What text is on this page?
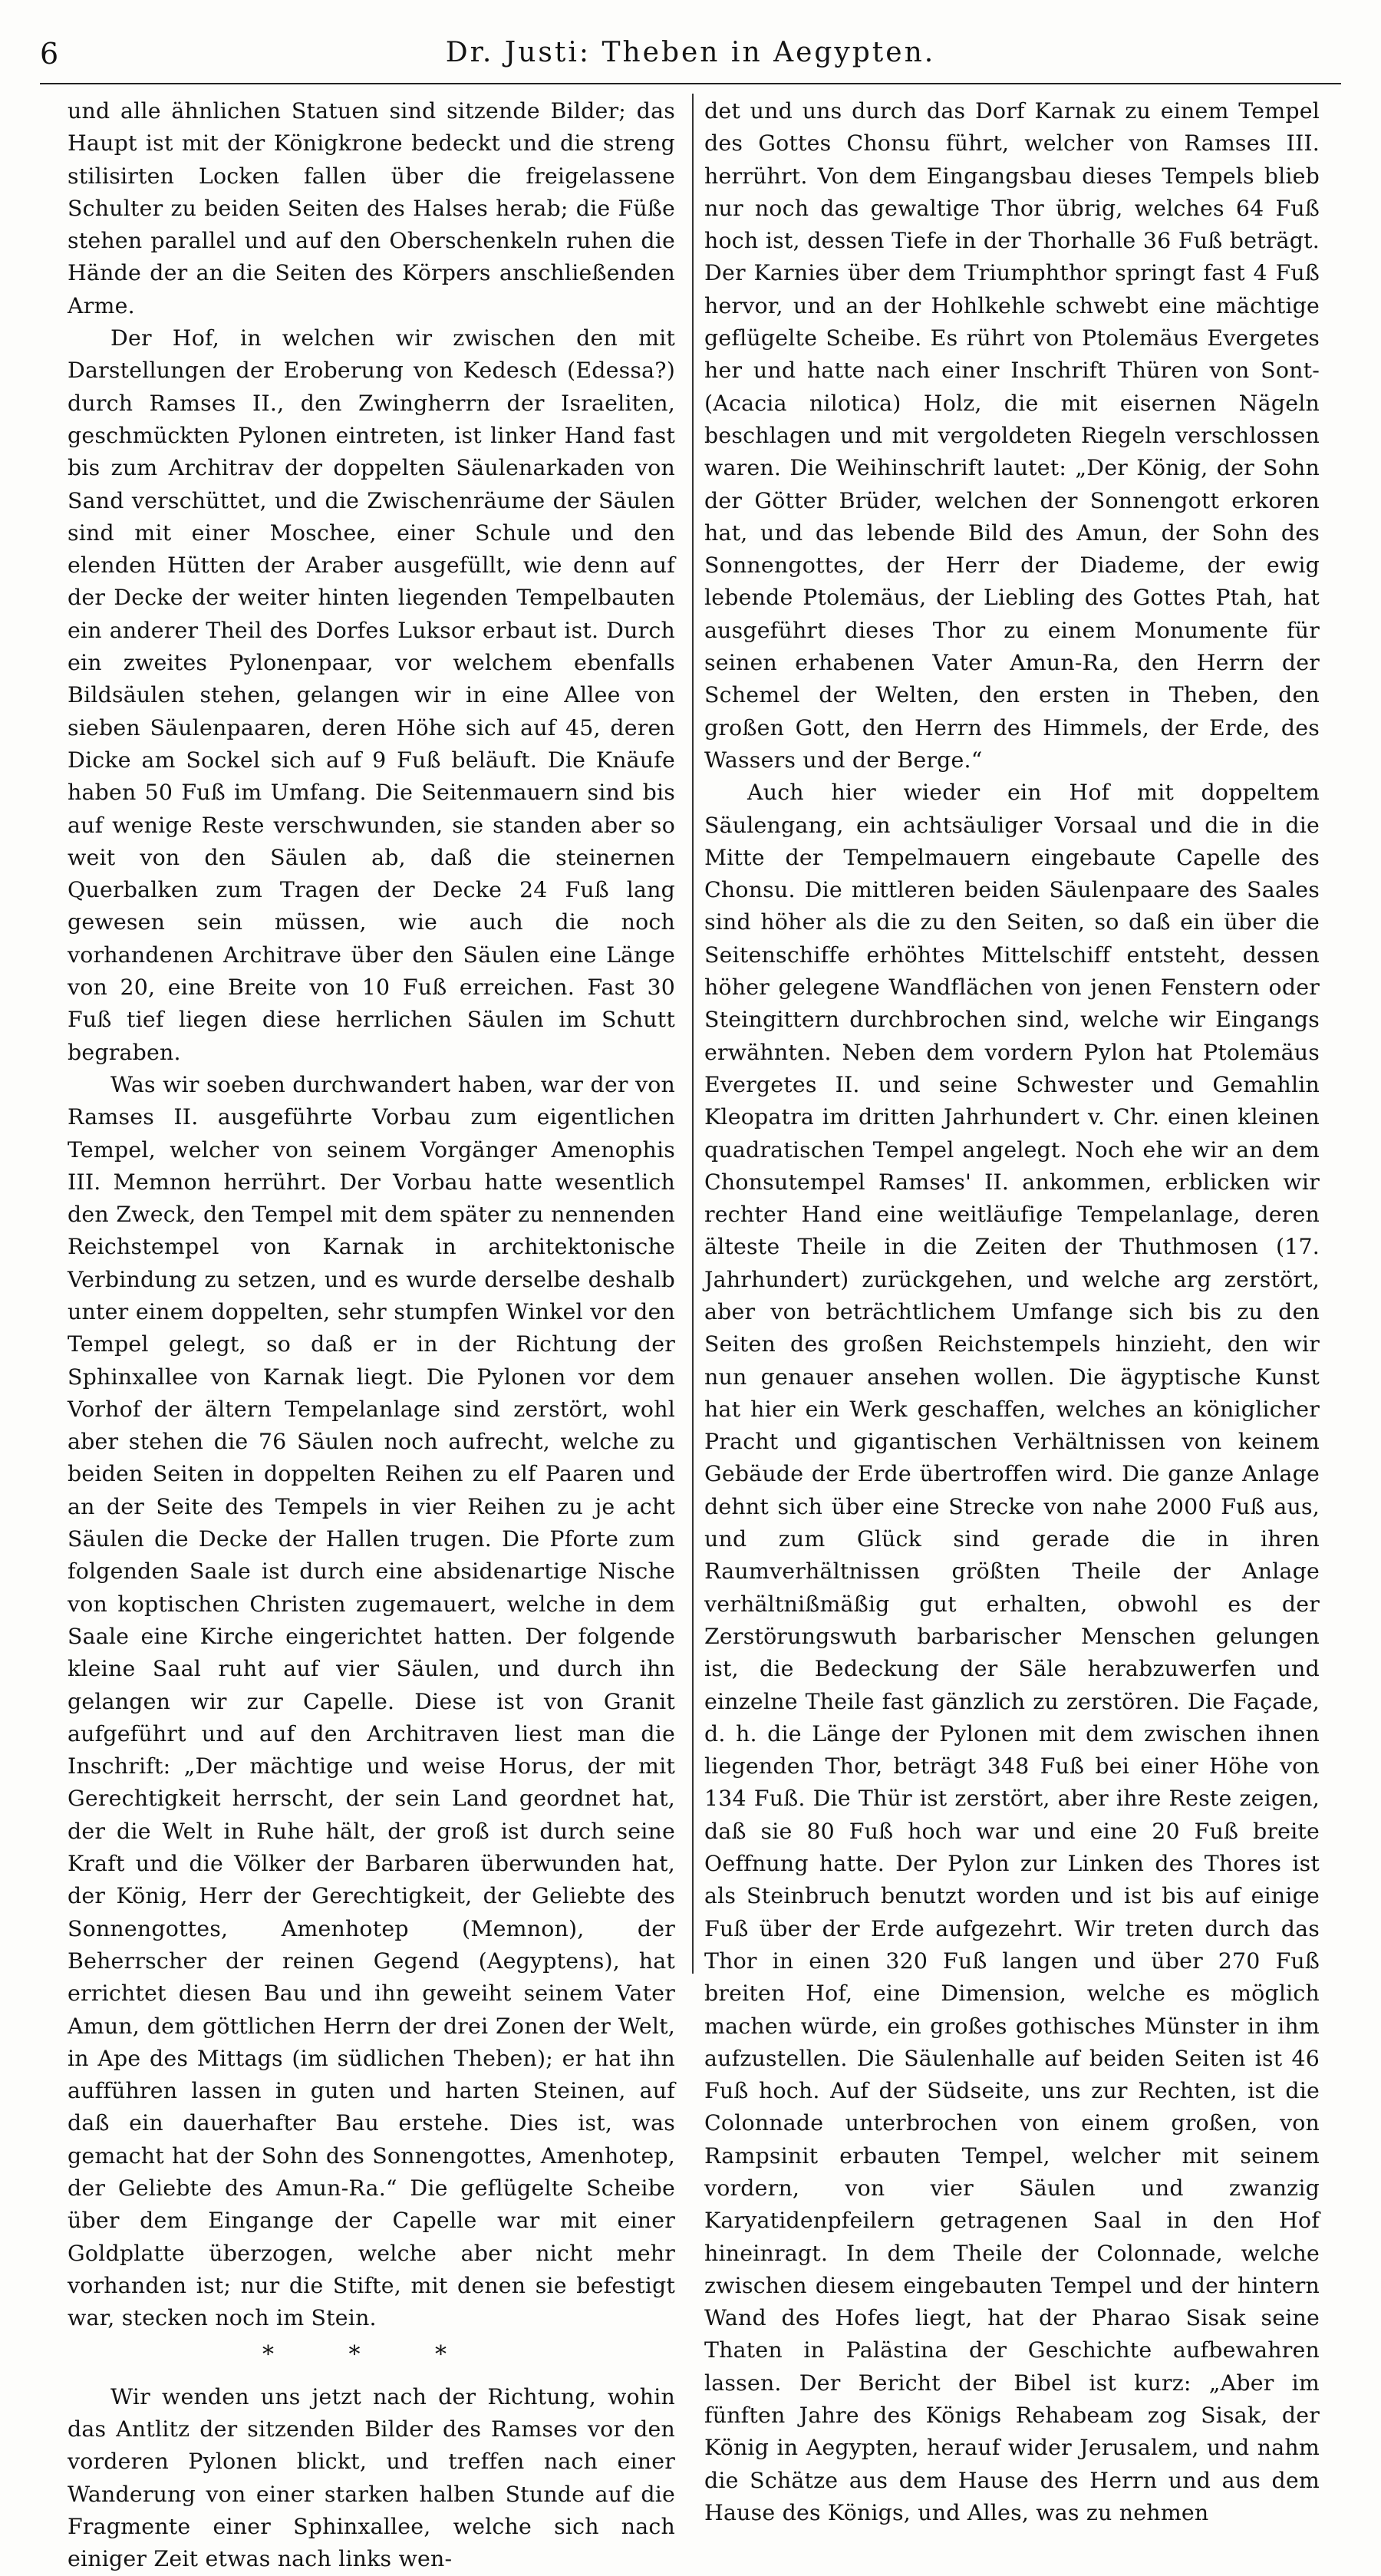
6	Dr. Justi: Theben in Aegypten.

und alle ähnlichen Statuen sind sitzende Bilder; das Haupt ist mit der Königkrone bedeckt und die streng stilisirten Locken fallen über die freigelassene Schulter zu beiden Seiten des Halses herab; die Füße stehen parallel und auf den Oberschenkeln ruhen die Hände der an die Seiten des Körpers anschließenden Arme.

Der Hof, in welchen wir zwischen den mit Darstellungen der Eroberung von Kedesch (Edessa?) durch Ramses II., den Zwingherrn der Israeliten, geschmückten Pylonen eintreten, ist linker Hand fast bis zum Architrav der doppelten Säulenarkaden von Sand verschüttet, und die Zwischenräume der Säulen sind mit einer Moschee, einer Schule und den elenden Hütten der Araber ausgefüllt, wie denn auf der Decke der weiter hinten liegenden Tempelbauten ein anderer Theil des Dorfes Luksor erbaut ist. Durch ein zweites Pylonenpaar, vor welchem ebenfalls Bildsäulen stehen, gelangen wir in eine Allee von sieben Säulenpaaren, deren Höhe sich auf 45, deren Dicke am Sockel sich auf 9 Fuß beläuft. Die Knäufe haben 50 Fuß im Umfang. Die Seitenmauern sind bis auf wenige Reste verschwunden, sie standen aber so weit von den Säulen ab, daß die steinernen Querbalken zum Tragen der Decke 24 Fuß lang gewesen sein müssen, wie auch die noch vorhandenen Architrave über den Säulen eine Länge von 20, eine Breite von 10 Fuß erreichen. Fast 30 Fuß tief liegen diese herrlichen Säulen im Schutt begraben.

Was wir soeben durchwandert haben, war der von Ramses II. ausgeführte Vorbau zum eigentlichen Tempel, welcher von seinem Vorgänger Amenophis III. Memnon herrührt. Der Vorbau hatte wesentlich den Zweck, den Tempel mit dem später zu nennenden Reichstempel von Karnak in architektonische Verbindung zu setzen, und es wurde derselbe deshalb unter einem doppelten, sehr stumpfen Winkel vor den Tempel gelegt, so daß er in der Richtung der Sphinxallee von Karnak liegt. Die Pylonen vor dem Vorhof der ältern Tempelanlage sind zerstört, wohl aber stehen die 76 Säulen noch aufrecht, welche zu beiden Seiten in doppelten Reihen zu elf Paaren und an der Seite des Tempels in vier Reihen zu je acht Säulen die Decke der Hallen trugen. Die Pforte zum folgenden Saale ist durch eine absidenartige Nische von koptischen Christen zugemauert, welche in dem Saale eine Kirche eingerichtet hatten. Der folgende kleine Saal ruht auf vier Säulen, und durch ihn gelangen wir zur Capelle. Diese ist von Granit aufgeführt und auf den Architraven liest man die Inschrift: „Der mächtige und weise Horus, der mit Gerechtigkeit herrscht, der sein Land geordnet hat, der die Welt in Ruhe hält, der groß ist durch seine Kraft und die Völker der Barbaren überwunden hat, der König, Herr der Gerechtigkeit, der Geliebte des Sonnengottes, Amenhotep (Memnon), der Beherrscher der reinen Gegend (Aegyptens), hat errichtet diesen Bau und ihn geweiht seinem Vater Amun, dem göttlichen Herrn der drei Zonen der Welt, in Ape des Mittags (im südlichen Theben); er hat ihn aufführen lassen in guten und harten Steinen, auf daß ein dauerhafter Bau erstehe. Dies ist, was gemacht hat der Sohn des Sonnengottes, Amenhotep, der Geliebte des Amun-Ra.“ Die geflügelte Scheibe über dem Eingange der Capelle war mit einer Goldplatte überzogen, welche aber nicht mehr vorhanden ist; nur die Stifte, mit denen sie befestigt war, stecken noch im Stein.

* * *

Wir wenden uns jetzt nach der Richtung, wohin das Antlitz der sitzenden Bilder des Ramses vor den vorderen Pylonen blickt, und treffen nach einer Wanderung von einer starken halben Stunde auf die Fragmente einer Sphinxallee, welche sich nach einiger Zeit etwas nach links wen-

det und uns durch das Dorf Karnak zu einem Tempel des Gottes Chonsu führt, welcher von Ramses III. herrührt. Von dem Eingangsbau dieses Tempels blieb nur noch das gewaltige Thor übrig, welches 64 Fuß hoch ist, dessen Tiefe in der Thorhalle 36 Fuß beträgt. Der Karnies über dem Triumphthor springt fast 4 Fuß hervor, und an der Hohlkehle schwebt eine mächtige geflügelte Scheibe. Es rührt von Ptolemäus Evergetes her und hatte nach einer Inschrift Thüren von Sont-(Acacia nilotica) Holz, die mit eisernen Nägeln beschlagen und mit vergoldeten Riegeln verschlossen waren. Die Weihinschrift lautet: „Der König, der Sohn der Götter Brüder, welchen der Sonnengott erkoren hat, und das lebende Bild des Amun, der Sohn des Sonnengottes, der Herr der Diademe, der ewig lebende Ptolemäus, der Liebling des Gottes Ptah, hat ausgeführt dieses Thor zu einem Monumente für seinen erhabenen Vater Amun-Ra, den Herrn der Schemel der Welten, den ersten in Theben, den großen Gott, den Herrn des Himmels, der Erde, des Wassers und der Berge.“

Auch hier wieder ein Hof mit doppeltem Säulengang, ein achtsäuliger Vorsaal und die in die Mitte der Tempelmauern eingebaute Capelle des Chonsu. Die mittleren beiden Säulenpaare des Saales sind höher als die zu den Seiten, so daß ein über die Seitenschiffe erhöhtes Mittelschiff entsteht, dessen höher gelegene Wandflächen von jenen Fenstern oder Steingittern durchbrochen sind, welche wir Eingangs erwähnten. Neben dem vordern Pylon hat Ptolemäus Evergetes II. und seine Schwester und Gemahlin Kleopatra im dritten Jahrhundert v. Chr. einen kleinen quadratischen Tempel angelegt. Noch ehe wir an dem Chonsutempel Ramses' II. ankommen, erblicken wir rechter Hand eine weitläufige Tempelanlage, deren älteste Theile in die Zeiten der Thuthmosen (17. Jahrhundert) zurückgehen, und welche arg zerstört, aber von beträchtlichem Umfange sich bis zu den Seiten des großen Reichstempels hinzieht, den wir nun genauer ansehen wollen. Die ägyptische Kunst hat hier ein Werk geschaffen, welches an königlicher Pracht und gigantischen Verhältnissen von keinem Gebäude der Erde übertroffen wird. Die ganze Anlage dehnt sich über eine Strecke von nahe 2000 Fuß aus, und zum Glück sind gerade die in ihren Raumverhältnissen größten Theile der Anlage verhältnißmäßig gut erhalten, obwohl es der Zerstörungswuth barbarischer Menschen gelungen ist, die Bedeckung der Säle herabzuwerfen und einzelne Theile fast gänzlich zu zerstören. Die Façade, d. h. die Länge der Pylonen mit dem zwischen ihnen liegenden Thor, beträgt 348 Fuß bei einer Höhe von 134 Fuß. Die Thür ist zerstört, aber ihre Reste zeigen, daß sie 80 Fuß hoch war und eine 20 Fuß breite Oeffnung hatte. Der Pylon zur Linken des Thores ist als Steinbruch benutzt worden und ist bis auf einige Fuß über der Erde aufgezehrt. Wir treten durch das Thor in einen 320 Fuß langen und über 270 Fuß breiten Hof, eine Dimension, welche es möglich machen würde, ein großes gothisches Münster in ihm aufzustellen. Die Säulenhalle auf beiden Seiten ist 46 Fuß hoch. Auf der Südseite, uns zur Rechten, ist die Colonnade unterbrochen von einem großen, von Rampsinit erbauten Tempel, welcher mit seinem vordern, von vier Säulen und zwanzig Karyatidenpfeilern getragenen Saal in den Hof hineinragt. In dem Theile der Colonnade, welche zwischen diesem eingebauten Tempel und der hintern Wand des Hofes liegt, hat der Pharao Sisak seine Thaten in Palästina der Geschichte aufbewahren lassen. Der Bericht der Bibel ist kurz: „Aber im fünften Jahre des Königs Rehabeam zog Sisak, der König in Aegypten, herauf wider Jerusalem, und nahm die Schätze aus dem Hause des Herrn und aus dem Hause des Königs, und Alles, was zu nehmen
